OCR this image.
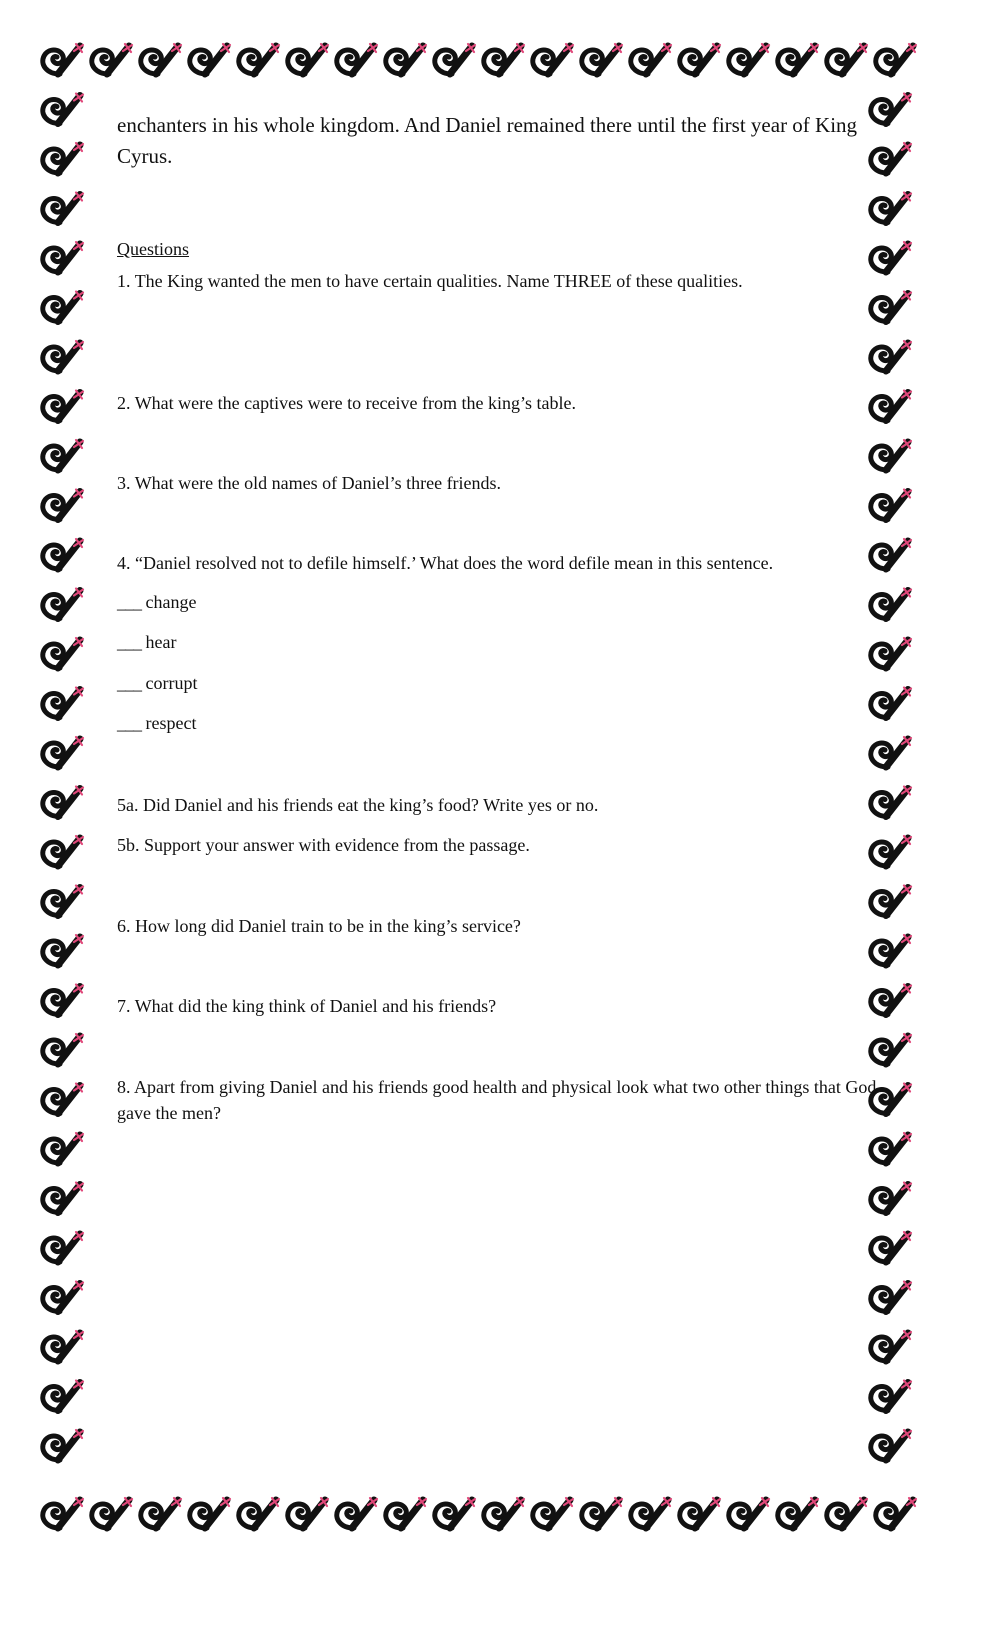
enchanters in his whole kingdom. And Daniel remained there until the first year of King Cyrus.

Questions

1. The King wanted the men to have certain qualities. Name THREE of these qualities.

2. What were the captives were to receive from the king’s table.

3. What were the old names of Daniel’s three friends.

4. “Daniel resolved not to defile himself.’ What does the word defile mean in this sentence.

___ change

___ hear

___ corrupt

___ respect

5a. Did Daniel and his friends eat the king’s food? Write yes or no.

5b. Support your answer with evidence from the passage.

6. How long did Daniel train to be in the king’s service?

7. What did the king think of Daniel and his friends?

8. Apart from giving Daniel and his friends good health and physical look what two other things that God gave the men?
